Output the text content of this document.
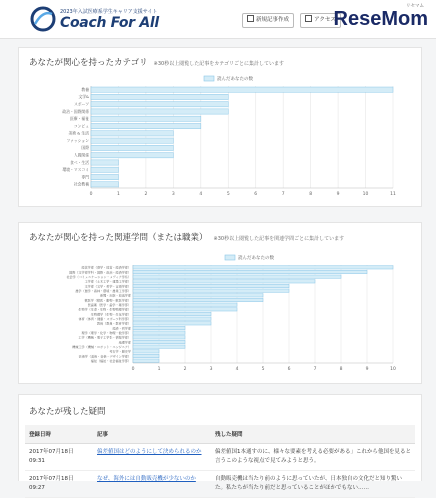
2023年入試医療系学生キャリア支援サイト
Coach For All	新規記事作成	アクセス
リセマム
ReseMom
あなたが関心を持ったカテゴリ ※30秒以上閲覧した記事をカテゴリごとに集計しています
読んだあなたの数
0	1	2	3	4	5	6	7	8	9	10	11
教養
文学&
スポーツ
政治・国際関係
医療・福祉
コンピュ
美術 & 生活
ファッション
国際
人間関係
食べ・生活
環境・マスコミ
専門
社会教養
あなたが関心を持った関連学問（または職業） ※30秒以上閲覧した記事を関連学問ごとに集計しています
読んだあなたの数
0	1	2	3	4	5	6	7	8	9	10
経営学部（商学・経営・経済学部）
国際（文学部学科・国際・政治・経済学部）
社会学（コミュニケーション・メディア学系）
工学部（土木工学・建築工学部）
文学部（文学・哲学・言語学部）
農学（農学・森林・環境・農業工学部）
新聞・出版・放送学部
獣医学（獣医・動物・獣医学部）
医歯薬（医学・歯学・薬学部）
生物学（生命・生物・生物物理学部）
生物理学（生物・生化学部）
体育（体育・健康・スポーツ科学部）
教員（教員・教育学部）
経済・哲学部
理学（理学・化学・物理・数学部）
工学（機械・電子工学系・情報学部）
地理学部
機械工学（機械・ロボット・エンジニア）
考古学・歴史学
芸術学（美術・音楽・デザイン学部）
福祉（福祉・社会福祉学部）
あなたが残した疑問
登録日時	記事	残した疑問
2017年07月18日
09:31	偏差値国はどのようにして決められるのか	偏差値国1本通すのに、様々な要素を考える必要がある」これから他国を見ると言うこのような視点で見てみようと思う。
2017年07月18日
09:27	なぜ、海外には自動販売機が少ないのか	自動販売機は当たり前のように思っていたが、日本独自の文化だと知り驚いた。私たちが当たり前だと思っていることがほかでもない……
